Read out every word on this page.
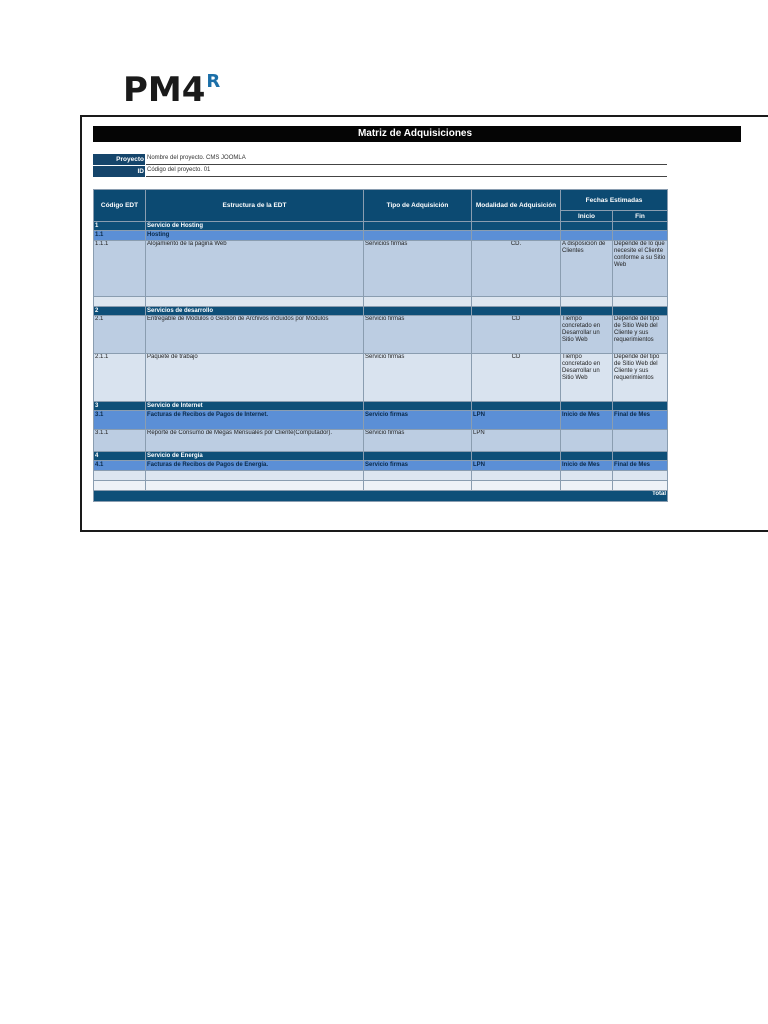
$PM4^R$
Matriz de Adquisiciones
Proyecto Nombre del proyecto. CMS JOOMLA
ID Código del proyecto. 01
Código EDT	Estructura de la EDT	Tipo de Adquisición	Modalidad de Adquisición	Fechas Estimadas	
				Inicio	Fin
1	Servicio de Hosting				
1.1	Hosting				
1.1.1	Alojamiento de la pagina Web	Servicios firmas	CD.	A disposicion de Clientes	Depende de lo que necesite el Cliente conforme a su Sitio Web

2	Servicios de desarrollo				
2.1	Entregable de Modulos o Gestion de Archivos incluidos por Módulos	Servicio firmas	CD	Tiempo concretado en Desarrollar un Sitio Web	Depende del tipo de Sitio Web del Cliente y sus requerimientos
2.1.1	Paquete de trabajo	Servicio firmas	CD	Tiempo concretado en Desarrollar un Sitio Web	Depende del tipo de Sitio Web del Cliente y sus requerimientos
3	Servicio de Internet				
3.1	Facturas de Recibos de Pagos de Internet.	Servicio firmas	LPN	Inicio de Mes	Final de Mes
3.1.1	Reporte de Consumo de Megas Mensuales por Cliente(Computador).	Servicio firmas	LPN		
4	Servicio de Energía				
4.1	Facturas de Recibos de Pagos de Energía.	Servicio firmas	LPN	Inicio de Mes	Final de Mes

Total					
